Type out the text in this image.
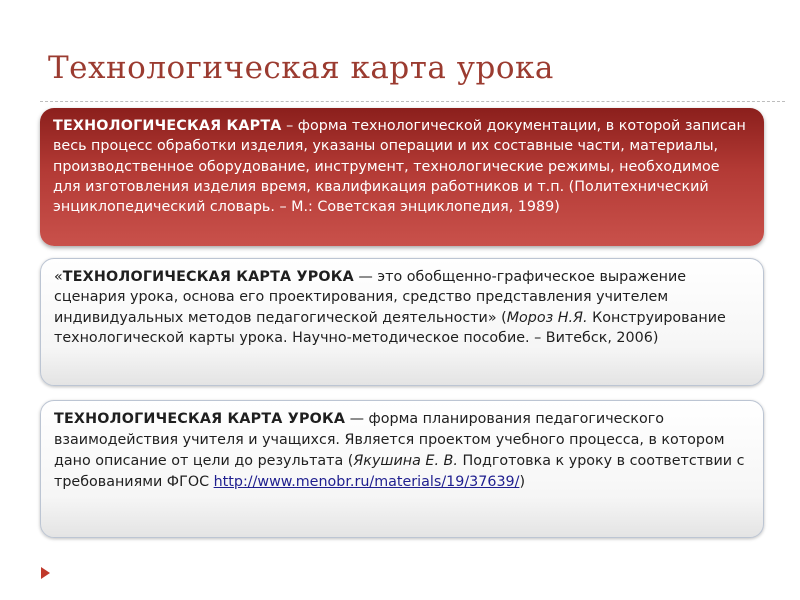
Технологическая карта урока

ТЕХНОЛОГИЧЕСКАЯ КАРТА – форма технологической документации, в которой записан весь процесс обработки изделия, указаны операции и их составные части, материалы, производственное оборудование, инструмент, технологические режимы, необходимое для изготовления изделия время, квалификация работников и т.п. (Политехнический энциклопедический словарь. – М.: Советская энциклопедия, 1989)

«ТЕХНОЛОГИЧЕСКАЯ КАРТА УРОКА — это обобщенно-графическое выражение сценария урока, основа его проектирования, средство представления учителем индивидуальных методов педагогической деятельности» (Мороз Н.Я. Конструирование технологической карты урока. Научно-методическое пособие. – Витебск, 2006)

ТЕХНОЛОГИЧЕСКАЯ КАРТА УРОКА — форма планирования педагогического взаимодействия учителя и учащихся. Является проектом учебного процесса, в котором дано описание от цели до результата (Якушина Е. В. Подготовка к уроку в соответствии с требованиями ФГОС http://www.menobr.ru/materials/19/37639/)
